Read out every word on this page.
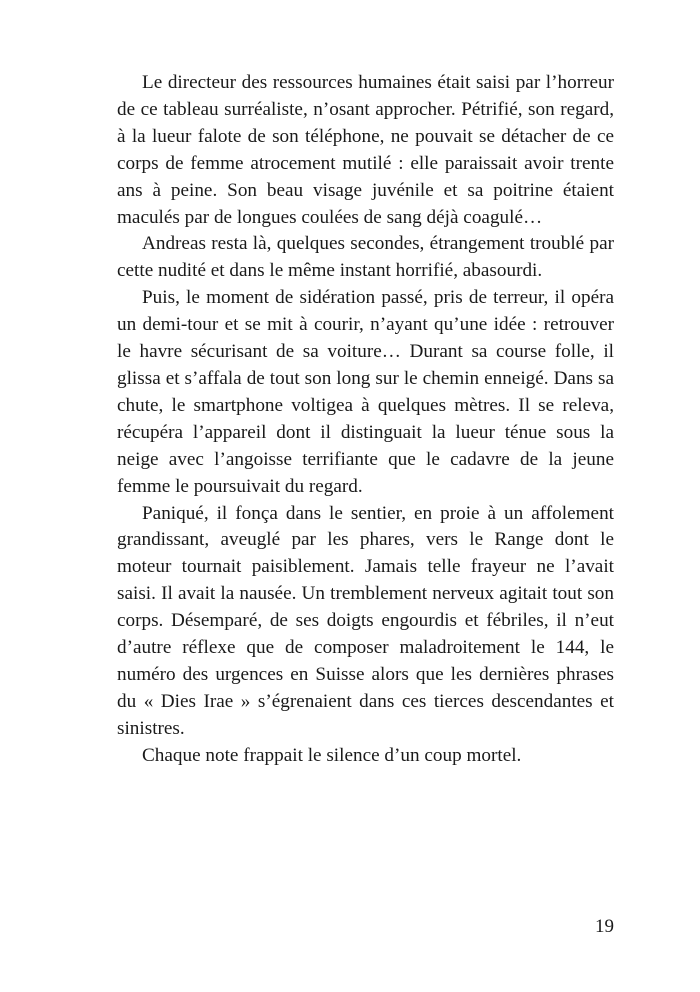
Le directeur des ressources humaines était saisi par l’horreur de ce tableau surréaliste, n’osant approcher. Pétrifié, son regard, à la lueur falote de son téléphone, ne pouvait se détacher de ce corps de femme atrocement mutilé : elle paraissait avoir trente ans à peine. Son beau visage juvénile et sa poitrine étaient maculés par de longues coulées de sang déjà coagulé…

Andreas resta là, quelques secondes, étrangement troublé par cette nudité et dans le même instant horrifié, abasourdi.

Puis, le moment de sidération passé, pris de terreur, il opéra un demi-tour et se mit à courir, n’ayant qu’une idée : retrouver le havre sécurisant de sa voiture… Durant sa course folle, il glissa et s’affala de tout son long sur le chemin enneigé. Dans sa chute, le smartphone voltigea à quelques mètres. Il se releva, récupéra l’appareil dont il distinguait la lueur ténue sous la neige avec l’angoisse terrifiante que le cadavre de la jeune femme le poursuivait du regard.

Paniqué, il fonça dans le sentier, en proie à un affolement grandissant, aveuglé par les phares, vers le Range dont le moteur tournait paisiblement. Jamais telle frayeur ne l’avait saisi. Il avait la nausée. Un tremblement nerveux agitait tout son corps. Désemparé, de ses doigts engourdis et fébriles, il n’eut d’autre réflexe que de composer maladroitement le 144, le numéro des urgences en Suisse alors que les dernières phrases du « Dies Irae » s’égrenaient dans ces tierces descendantes et sinistres.

Chaque note frappait le silence d’un coup mortel.

19
